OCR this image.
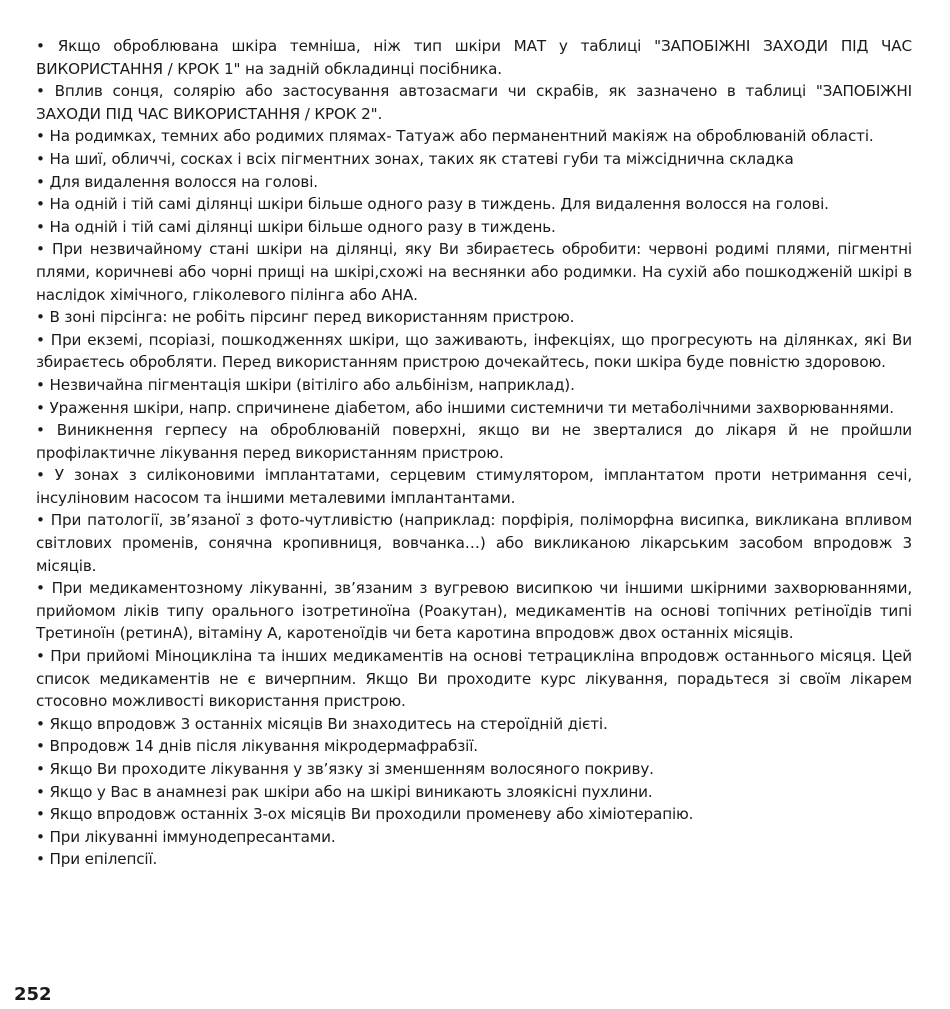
• Якщо оброблювана шкіра темніша, ніж тип шкіри МАТ у таблиці "ЗАПОБІЖНІ ЗАХОДИ ПІД ЧАС ВИКОРИСТАННЯ / КРОК 1" на задній обкладинці посібника.

• Вплив сонця, солярію або застосування автозасмаги чи скрабів, як зазначено в таблиці "ЗАПОБІЖНІ ЗАХОДИ ПІД ЧАС ВИКОРИСТАННЯ / КРОК 2".

• На родимках, темних або родимих плямах- Татуаж або перманентний макіяж на оброблюваній області.

• На шиї, обличчі, сосках і всіх пігментних зонах, таких як статеві губи та міжсіднична складка

• Для видалення волосся на голові.

• На одній і тій самі ділянці шкіри більше одного разу в тиждень. Для видалення волосся на голові.

• На одній і тій самі ділянці шкіри більше одного разу в тиждень.

• При незвичайному стані шкіри на ділянці, яку Ви збираєтесь обробити: червоні родимі плями, пігментні плями, коричневі або чорні прищі на шкірі,схожі на веснянки або родимки. На сухій або пошкодженій шкірі в наслідок хімічного, гліколевого пілінга або АНА.

• В зоні пірсінга: не робіть пірсинг перед використанням пристрою.

• При екземі, псоріазі, пошкодженнях шкіри, що заживають, інфекціях, що прогресують на ділянках, які Ви збираєтесь обробляти. Перед використанням пристрою дочекайтесь, поки шкіра буде повністю здоровою.

• Незвичайна пігментація шкіри (вітіліго або альбінізм, наприклад).

• Ураження шкіри, напр. спричинене діабетом, або іншими системничи ти метаболічними захворюваннями.

• Виникнення герпесу на оброблюваній поверхні, якщо ви не зверталися до лікаря й не пройшли профілактичне лікування перед використанням пристрою.

• У зонах з силіконовими імплантатами, серцевим стимулятором, імплантатом проти нетримання сечі, інсуліновим насосом та іншими металевими імплантантами.

• При патології, зв’язаної з фото-чутливістю (наприклад: порфірія, поліморфна висипка, викликана впливом світлових променів, сонячна кропивниця, вовчанка…) або викликаною лікарським засобом впродовж 3 місяців.

• При медикаментозному лікуванні, зв’язаним з вугревою висипкою чи іншими шкірними захворюваннями, прийомом ліків типу орального ізотретиноїна (Роакутан), медикаментів на основі топічних ретіноїдів типі Третиноїн (ретинА), вітаміну А, каротеноїдів чи бета каротина впродовж двох останніх місяців.

• При прийомі Міноцикліна та інших медикаментів на основі тетрацикліна впродовж останнього місяця. Цей список медикаментів не є вичерпним. Якщо Ви проходите курс лікування, порадьтеся зі своїм лікарем стосовно можливості використання пристрою.

• Якщо впродовж 3 останніх місяців Ви знаходитесь на стероїдній дієті.

• Впродовж 14 днів після лікування мікродермафрабзії.

• Якщо Ви проходите лікування у зв’язку зі зменшенням волосяного покриву.

• Якщо у Вас в анамнезі рак шкіри або на шкірі виникають злоякісні пухлини.

• Якщо впродовж останніх 3-ох місяців Ви проходили променеву або хіміотерапію.

• При лікуванні іммунодепресантами.

• При епілепсії.

252
